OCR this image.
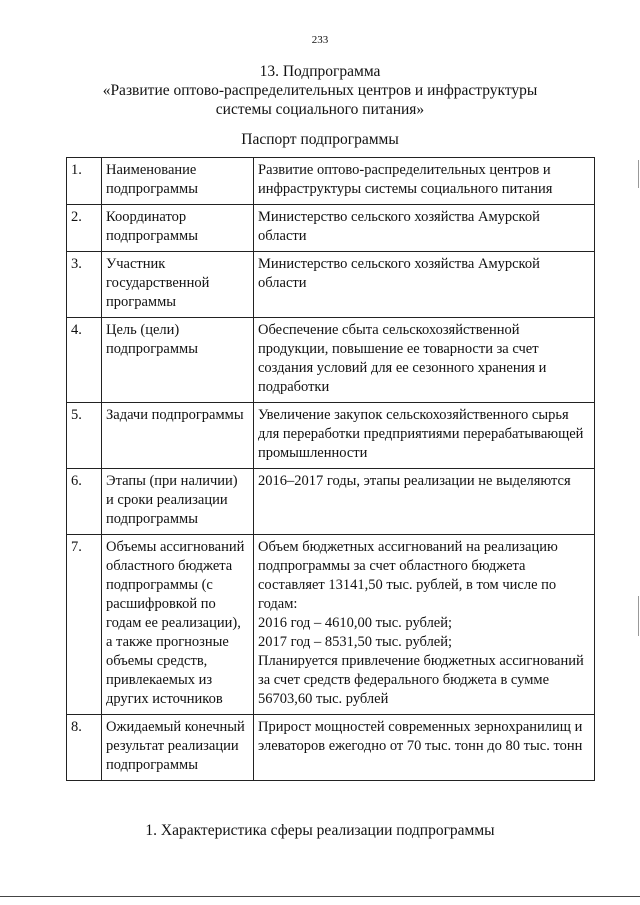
233
13. Подпрограмма
«Развитие оптово-распределительных центров и инфраструктуры
системы социального питания»
Паспорт подпрограммы
1.	Наименование подпрограммы	Развитие оптово-распределительных центров и инфраструктуры системы социального питания
2.	Координатор подпрограммы	Министерство сельского хозяйства Амурской области
3.	Участник государственной программы	Министерство сельского хозяйства Амурской области
4.	Цель (цели) подпрограммы	Обеспечение сбыта сельскохозяйственной продукции, повышение ее товарности за счет создания условий для ее сезонного хранения и подработки
5.	Задачи подпрограммы	Увеличение закупок сельскохозяйственного сырья для переработки предприятиями перерабатывающей промышленности
6.	Этапы (при наличии) и сроки реализации подпрограммы	2016–2017 годы, этапы реализации не выделяются
7.	Объемы ассигнований областного бюджета подпрограммы (с расшифровкой по годам ее реализации), а также прогнозные объемы средств, привлекаемых из других источников	Объем бюджетных ассигнований на реализацию подпрограммы за счет областного бюджета составляет 13141,50 тыс. рублей, в том числе по годам:
2016 год – 4610,00 тыс. рублей;
2017 год – 8531,50 тыс. рублей;
Планируется привлечение бюджетных ассигнований за счет средств федерального бюджета в сумме 56703,60 тыс. рублей

8.	Ожидаемый конечный результат реализации подпрограммы	Прирост мощностей современных зернохранилищ и элеваторов ежегодно от 70 тыс. тонн до 80 тыс. тонн
1. Характеристика сферы реализации подпрограммы
